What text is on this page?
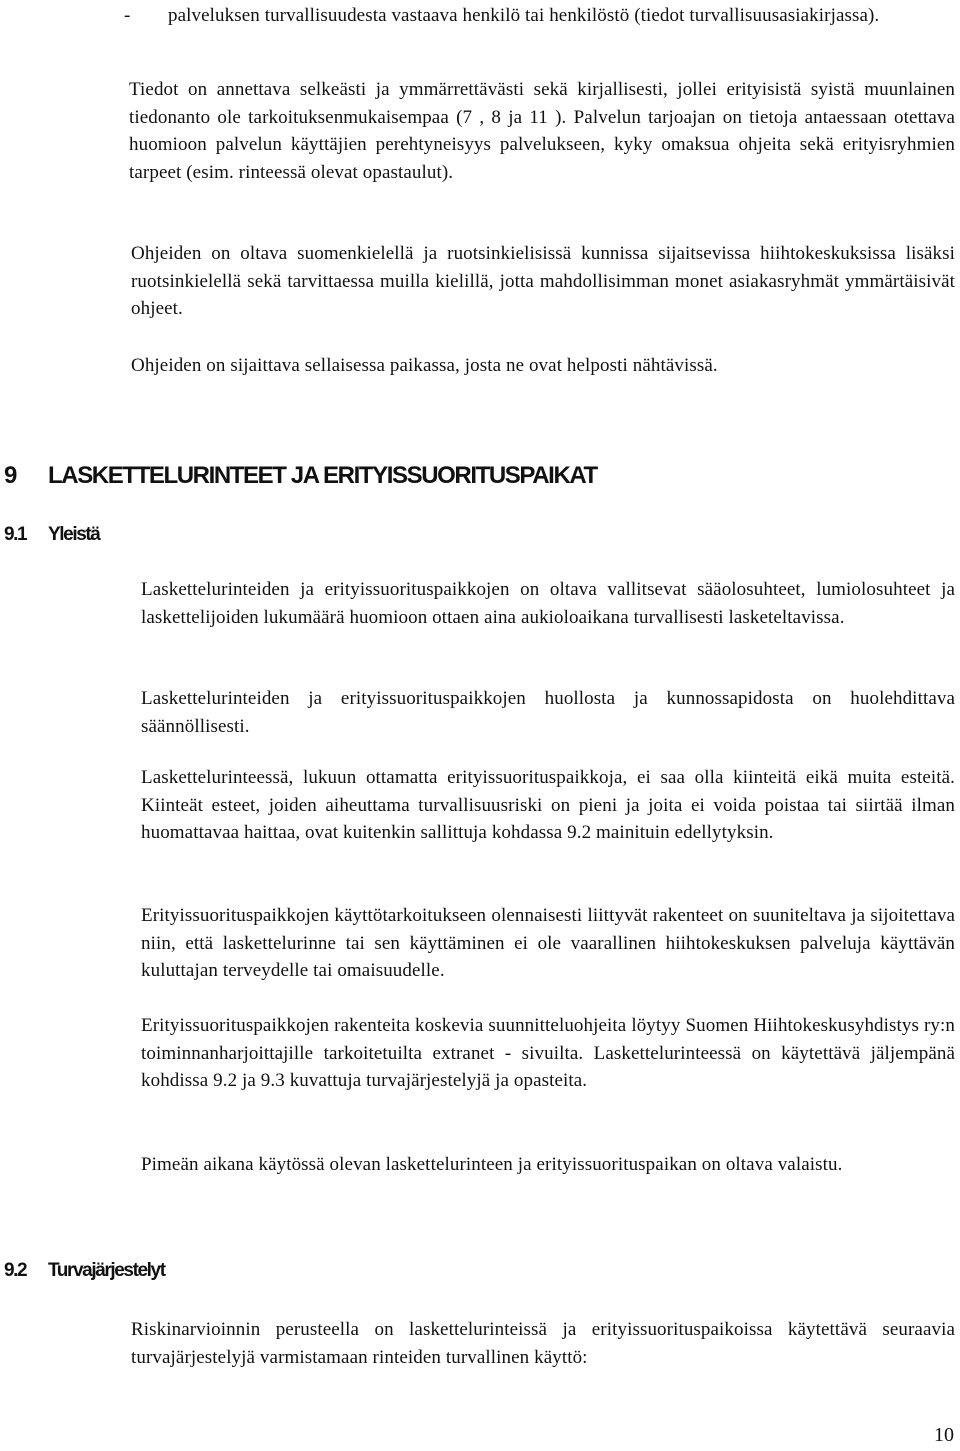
- palveluksen turvallisuudesta vastaava henkilö tai henkilöstö (tiedot turvallisuusasiakirjassa).

Tiedot on annettava selkeästi ja ymmärrettävästi sekä kirjallisesti, jollei erityisistä syistä muunlainen tiedonanto ole tarkoituksenmukaisempaa (7 , 8 ja 11 ). Palvelun tarjoajan on tietoja antaessaan otettava huomioon palvelun käyttäjien perehtyneisyys palvelukseen, kyky omaksua ohjeita sekä erityisryhmien tarpeet (esim. rinteessä olevat opastaulut).

Ohjeiden on oltava suomenkielellä ja ruotsinkielisissä kunnissa sijaitsevissa hiihtokeskuksissa lisäksi ruotsinkielellä sekä tarvittaessa muilla kielillä, jotta mahdollisimman monet asiakasryhmät ymmärtäisivät ohjeet.

Ohjeiden on sijaittava sellaisessa paikassa, josta ne ovat helposti nähtävissä.

9 LASKETTELURINTEET JA ERITYISSUORITUSPAIKAT
9.1 Yleistä

Laskettelurinteiden ja erityissuorituspaikkojen on oltava vallitsevat sääolosuhteet, lumiolosuhteet ja laskettelijoiden lukumäärä huomioon ottaen aina aukioloaikana turvallisesti lasketeltavissa.

Laskettelurinteiden ja erityissuorituspaikkojen huollosta ja kunnossapidosta on huolehdittava säännöllisesti.

Laskettelurinteessä, lukuun ottamatta erityissuorituspaikkoja, ei saa olla kiinteitä eikä muita esteitä. Kiinteät esteet, joiden aiheuttama turvallisuusriski on pieni ja joita ei voida poistaa tai siirtää ilman huomattavaa haittaa, ovat kuitenkin sallittuja kohdassa 9.2 mainituin edellytyksin.

Erityissuorituspaikkojen käyttötarkoitukseen olennaisesti liittyvät rakenteet on suuniteltava ja sijoitettava niin, että laskettelurinne tai sen käyttäminen ei ole vaarallinen hiihtokeskuksen palveluja käyttävän kuluttajan terveydelle tai omaisuudelle.

Erityissuorituspaikkojen rakenteita koskevia suunnitteluohjeita löytyy Suomen Hiihtokeskusyhdistys ry:n toiminnanharjoittajille tarkoitetuilta extranet - sivuilta. Laskettelurinteessä on käytettävä jäljempänä kohdissa 9.2 ja 9.3 kuvattuja turvajärjestelyjä ja opasteita.

Pimeän aikana käytössä olevan laskettelurinteen ja erityissuorituspaikan on oltava valaistu.

9.2 Turvajärjestelyt

Riskinarvioinnin perusteella on laskettelurinteissä ja erityissuorituspaikoissa käytettävä seuraavia turvajärjestelyjä varmistamaan rinteiden turvallinen käyttö:

10
